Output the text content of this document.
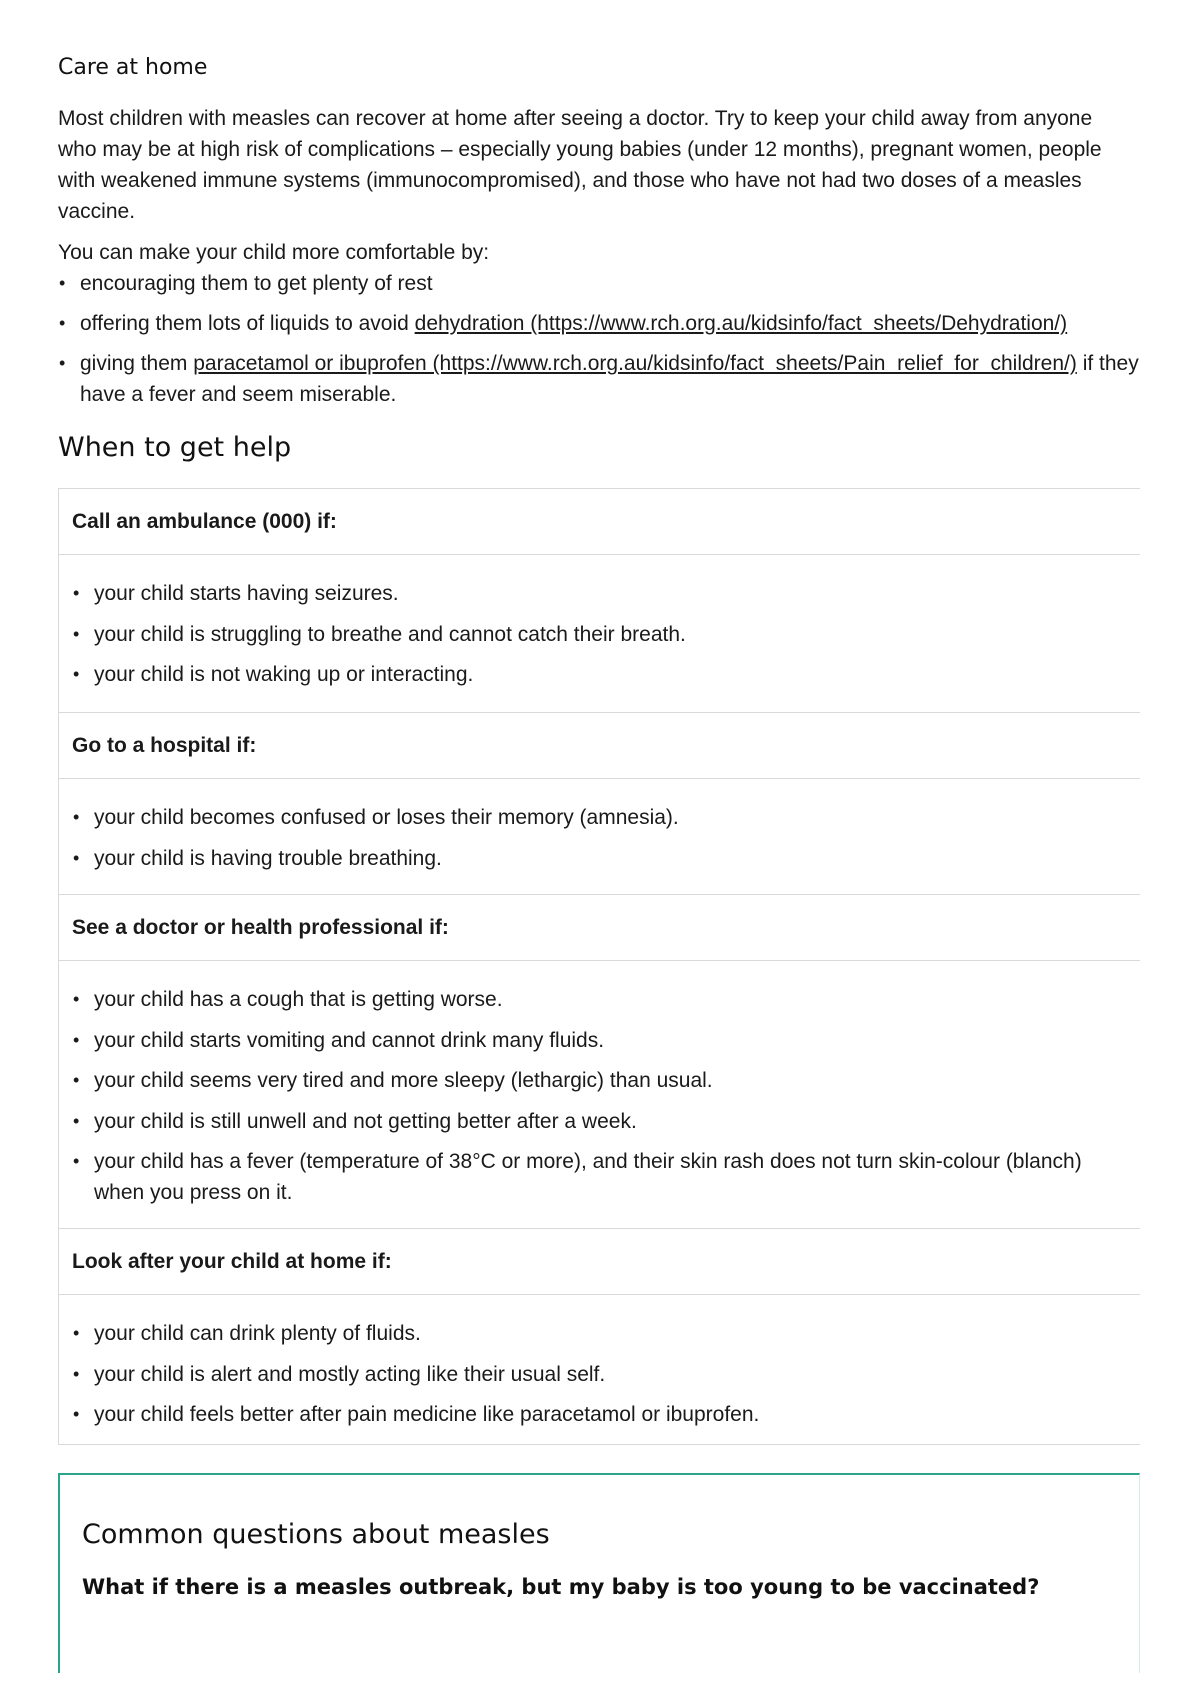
Care at home

Most children with measles can recover at home after seeing a doctor. Try to keep your child away from anyone who may be at high risk of complications – especially young babies (under 12 months), pregnant women, people with weakened immune systems (immunocompromised), and those who have not had two doses of a measles vaccine.

You can make your child more comfortable by:

• encouraging them to get plenty of rest
• offering them lots of liquids to avoid dehydration (https://www.rch.org.au/kidsinfo/fact_sheets/Dehydration/)
• giving them paracetamol or ibuprofen (https://www.rch.org.au/kidsinfo/fact_sheets/Pain_relief_for_children/) if they have a fever and seem miserable.
When to get help
Call an ambulance (000) if:
• your child starts having seizures.
• your child is struggling to breathe and cannot catch their breath.
• your child is not waking up or interacting.
Go to a hospital if:
• your child becomes confused or loses their memory (amnesia).
• your child is having trouble breathing.
See a doctor or health professional if:
• your child has a cough that is getting worse.
• your child starts vomiting and cannot drink many fluids.
• your child seems very tired and more sleepy (lethargic) than usual.
• your child is still unwell and not getting better after a week.
• your child has a fever (temperature of 38°C or more), and their skin rash does not turn skin-colour (blanch) when you press on it.
Look after your child at home if:
• your child can drink plenty of fluids.
• your child is alert and mostly acting like their usual self.
• your child feels better after pain medicine like paracetamol or ibuprofen.
Common questions about measles
What if there is a measles outbreak, but my baby is too young to be vaccinated?
